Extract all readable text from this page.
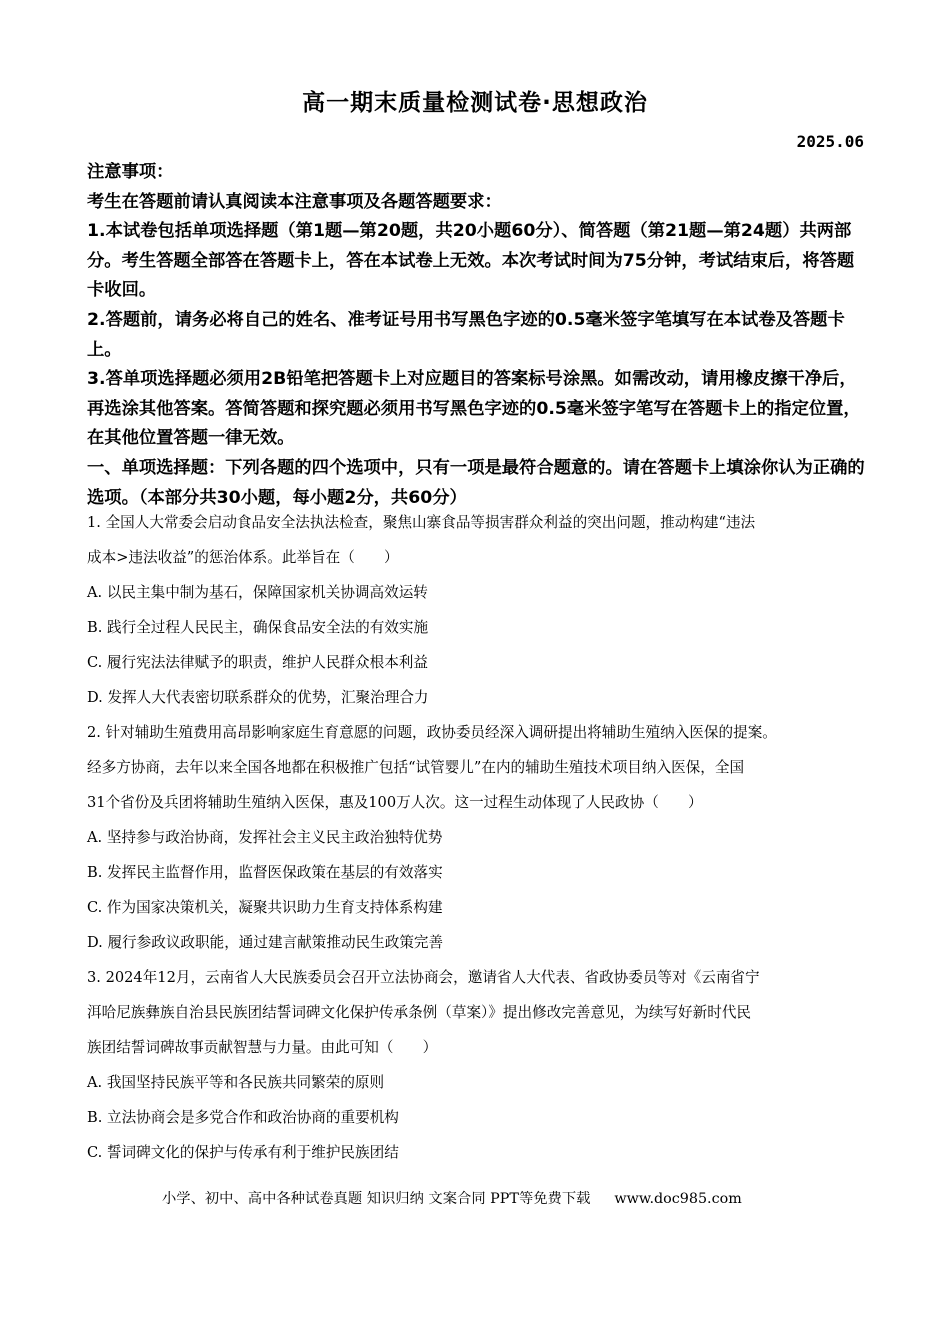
高一期末质量检测试卷·思想政治
2025.06

注意事项：

考生在答题前请认真阅读本注意事项及各题答题要求：

1.本试卷包括单项选择题（第1题—第20题，共20小题60分）、简答题（第21题—第24题）共两部分。考生答题全部答在答题卡上，答在本试卷上无效。本次考试时间为75分钟，考试结束后，将答题卡收回。

2.答题前，请务必将自己的姓名、准考证号用书写黑色字迹的0.5毫米签字笔填写在本试卷及答题卡上。

3.答单项选择题必须用2B铅笔把答题卡上对应题目的答案标号涂黑。如需改动，请用橡皮擦干净后，再选涂其他答案。答简答题和探究题必须用书写黑色字迹的0.5毫米签字笔写在答题卡上的指定位置，在其他位置答题一律无效。

一、单项选择题：下列各题的四个选项中，只有一项是最符合题意的。请在答题卡上填涂你认为正确的选项。（本部分共30小题，每小题2分，共60分）

1. 全国人大常委会启动食品安全法执法检查，聚焦山寨食品等损害群众利益的突出问题，推动构建“违法

成本>违法收益”的惩治体系。此举旨在（　　）

A. 以民主集中制为基石，保障国家机关协调高效运转

B. 践行全过程人民民主，确保食品安全法的有效实施

C. 履行宪法法律赋予的职责，维护人民群众根本利益

D. 发挥人大代表密切联系群众的优势，汇聚治理合力

2. 针对辅助生殖费用高昂影响家庭生育意愿的问题，政协委员经深入调研提出将辅助生殖纳入医保的提案。

经多方协商，去年以来全国各地都在积极推广包括“试管婴儿”在内的辅助生殖技术项目纳入医保，全国

31个省份及兵团将辅助生殖纳入医保，惠及100万人次。这一过程生动体现了人民政协（　　）

A. 坚持参与政治协商，发挥社会主义民主政治独特优势

B. 发挥民主监督作用，监督医保政策在基层的有效落实

C. 作为国家决策机关，凝聚共识助力生育支持体系构建

D. 履行参政议政职能，通过建言献策推动民生政策完善

3. 2024年12月，云南省人大民族委员会召开立法协商会，邀请省人大代表、省政协委员等对《云南省宁

洱哈尼族彝族自治县民族团结誓词碑文化保护传承条例（草案）》提出修改完善意见，为续写好新时代民

族团结誓词碑故事贡献智慧与力量。由此可知（　　）

A. 我国坚持民族平等和各民族共同繁荣的原则

B. 立法协商会是多党合作和政治协商的重要机构

C. 誓词碑文化的保护与传承有利于维护民族团结

小学、初中、高中各种试卷真题 知识归纳 文案合同 PPT等免费下载 www.doc985.com
